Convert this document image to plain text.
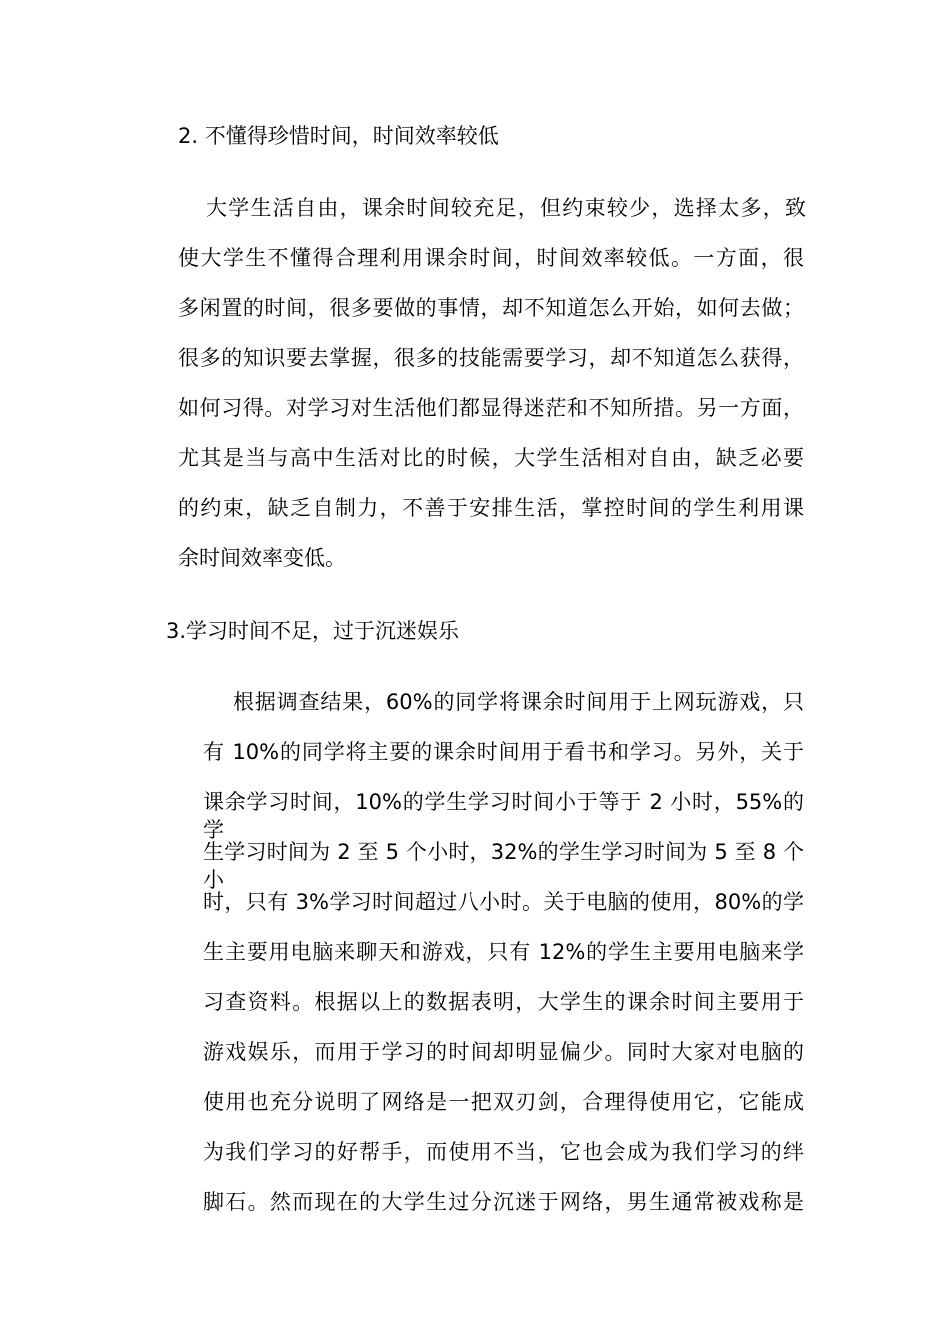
2. 不懂得珍惜时间，时间效率较低
大学生活自由，课余时间较充足，但约束较少，选择太多，致
使大学生不懂得合理利用课余时间，时间效率较低。一方面，很
多闲置的时间，很多要做的事情，却不知道怎么开始，如何去做；
很多的知识要去掌握，很多的技能需要学习，却不知道怎么获得，
如何习得。对学习对生活他们都显得迷茫和不知所措。另一方面，
尤其是当与高中生活对比的时候，大学生活相对自由，缺乏必要
的约束，缺乏自制力，不善于安排生活，掌控时间的学生利用课
余时间效率变低。
3.学习时间不足，过于沉迷娱乐
根据调查结果，60%的同学将课余时间用于上网玩游戏，只
有 10%的同学将主要的课余时间用于看书和学习。另外，关于
课余学习时间，10%的学生学习时间小于等于 2 小时，55%的学
生学习时间为 2 至 5 个小时，32%的学生学习时间为 5 至 8 个小
时，只有 3%学习时间超过八小时。关于电脑的使用，80%的学
生主要用电脑来聊天和游戏，只有 12%的学生主要用电脑来学
习查资料。根据以上的数据表明，大学生的课余时间主要用于
游戏娱乐，而用于学习的时间却明显偏少。同时大家对电脑的
使用也充分说明了网络是一把双刃剑，合理得使用它，它能成
为我们学习的好帮手，而使用不当，它也会成为我们学习的绊
脚石。然而现在的大学生过分沉迷于网络，男生通常被戏称是
